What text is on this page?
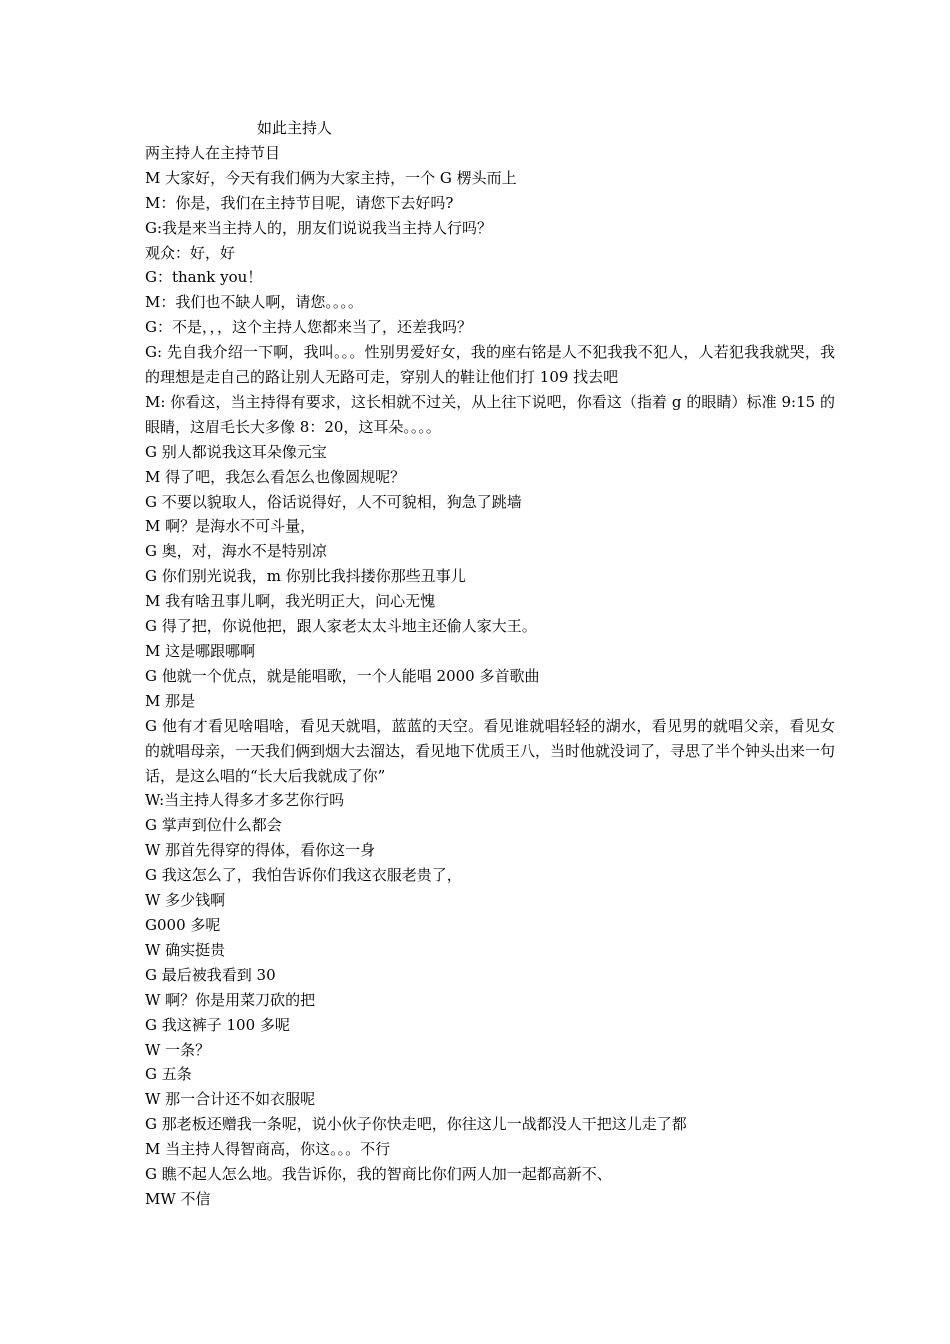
如此主持人
两主持人在主持节目
M 大家好，今天有我们俩为大家主持，一个 G 楞头而上
M：你是，我们在主持节目呢，请您下去好吗?
G:我是来当主持人的，朋友们说说我当主持人行吗？
观众：好，好
G：thank you！
M：我们也不缺人啊，请您。。。。
G：不是，，，这个主持人您都来当了，还差我吗？
G: 先自我介绍一下啊，我叫。。。性别男爱好女，我的座右铭是人不犯我我不犯人，人若犯我我就哭，我的理想是走自己的路让别人无路可走，穿别人的鞋让他们打 109 找去吧
M: 你看这，当主持得有要求，这长相就不过关，从上往下说吧，你看这（指着 g 的眼睛）标准 9:15 的眼睛，这眉毛长大多像 8：20，这耳朵。。。。
G 别人都说我这耳朵像元宝
M 得了吧，我怎么看怎么也像圆规呢？
G 不要以貌取人，俗话说得好，人不可貌相，狗急了跳墙
M 啊？是海水不可斗量，
G 奥，对，海水不是特别凉
G 你们别光说我，m 你别比我抖搂你那些丑事儿
M 我有啥丑事儿啊，我光明正大，问心无愧
G 得了把，你说他把，跟人家老太太斗地主还偷人家大王。
M 这是哪跟哪啊
G 他就一个优点，就是能唱歌，一个人能唱 2000 多首歌曲
M 那是
G 他有才看见啥唱啥，看见天就唱，蓝蓝的天空。看见谁就唱轻轻的湖水，看见男的就唱父亲，看见女的就唱母亲，一天我们俩到烟大去溜达，看见地下优质王八，当时他就没词了，寻思了半个钟头出来一句话，是这么唱的“长大后我就成了你”
W:当主持人得多才多艺你行吗
G 掌声到位什么都会
W 那首先得穿的得体，看你这一身
G 我这怎么了，我怕告诉你们我这衣服老贵了，
W 多少钱啊
G000 多呢
W 确实挺贵
G 最后被我看到 30
W 啊？你是用菜刀砍的把
G 我这裤子 100 多呢
W 一条？
G 五条
W 那一合计还不如衣服呢
G 那老板还赠我一条呢，说小伙子你快走吧，你往这儿一战都没人干把这儿走了都
M 当主持人得智商高，你这。。。不行
G 瞧不起人怎么地。我告诉你，我的智商比你们两人加一起都高新不、
MW 不信
